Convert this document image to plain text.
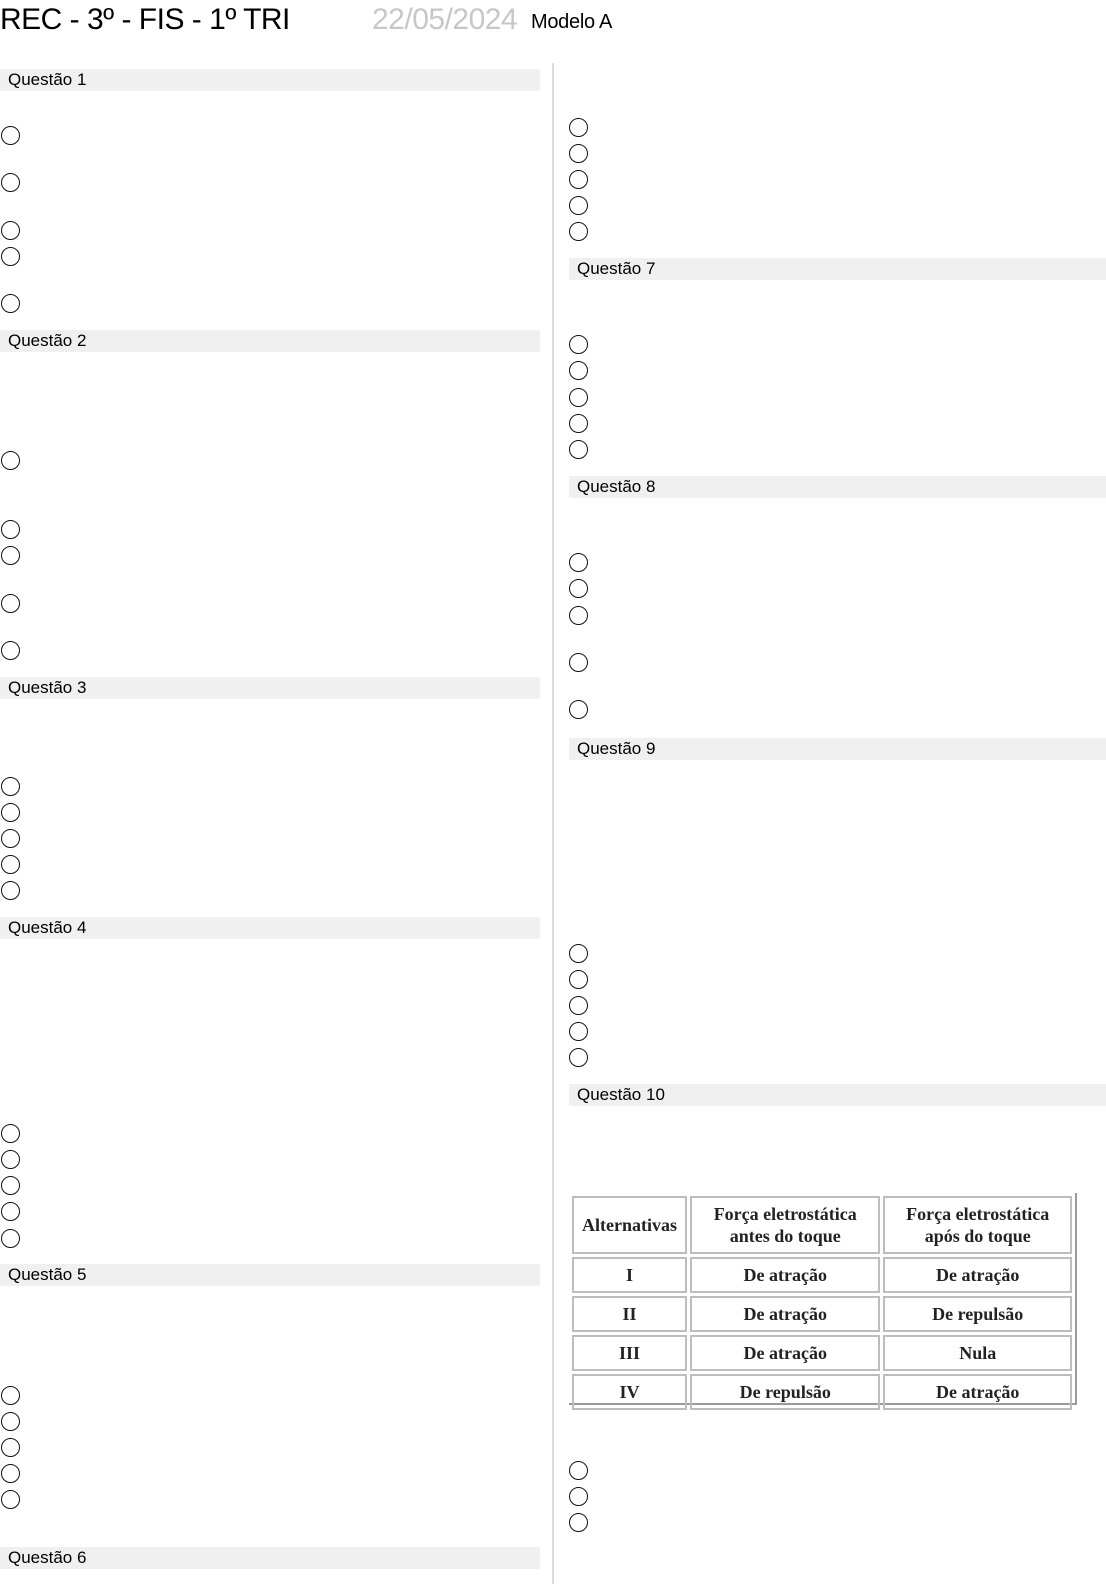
REC - 3º - FIS - 1º TRI	22/05/2024 Modelo A
Questão 1
Questão 2
Questão 3
Questão 4
Questão 5
Questão 6
Questão 7
Questão 8
Questão 9
Questão 10
Alternativas	Força eletrostática antes do toque	Força eletrostática após do toque
I	De atração	De atração
II	De atração	De repulsão
III	De atração	Nula
IV	De repulsão	De atração
